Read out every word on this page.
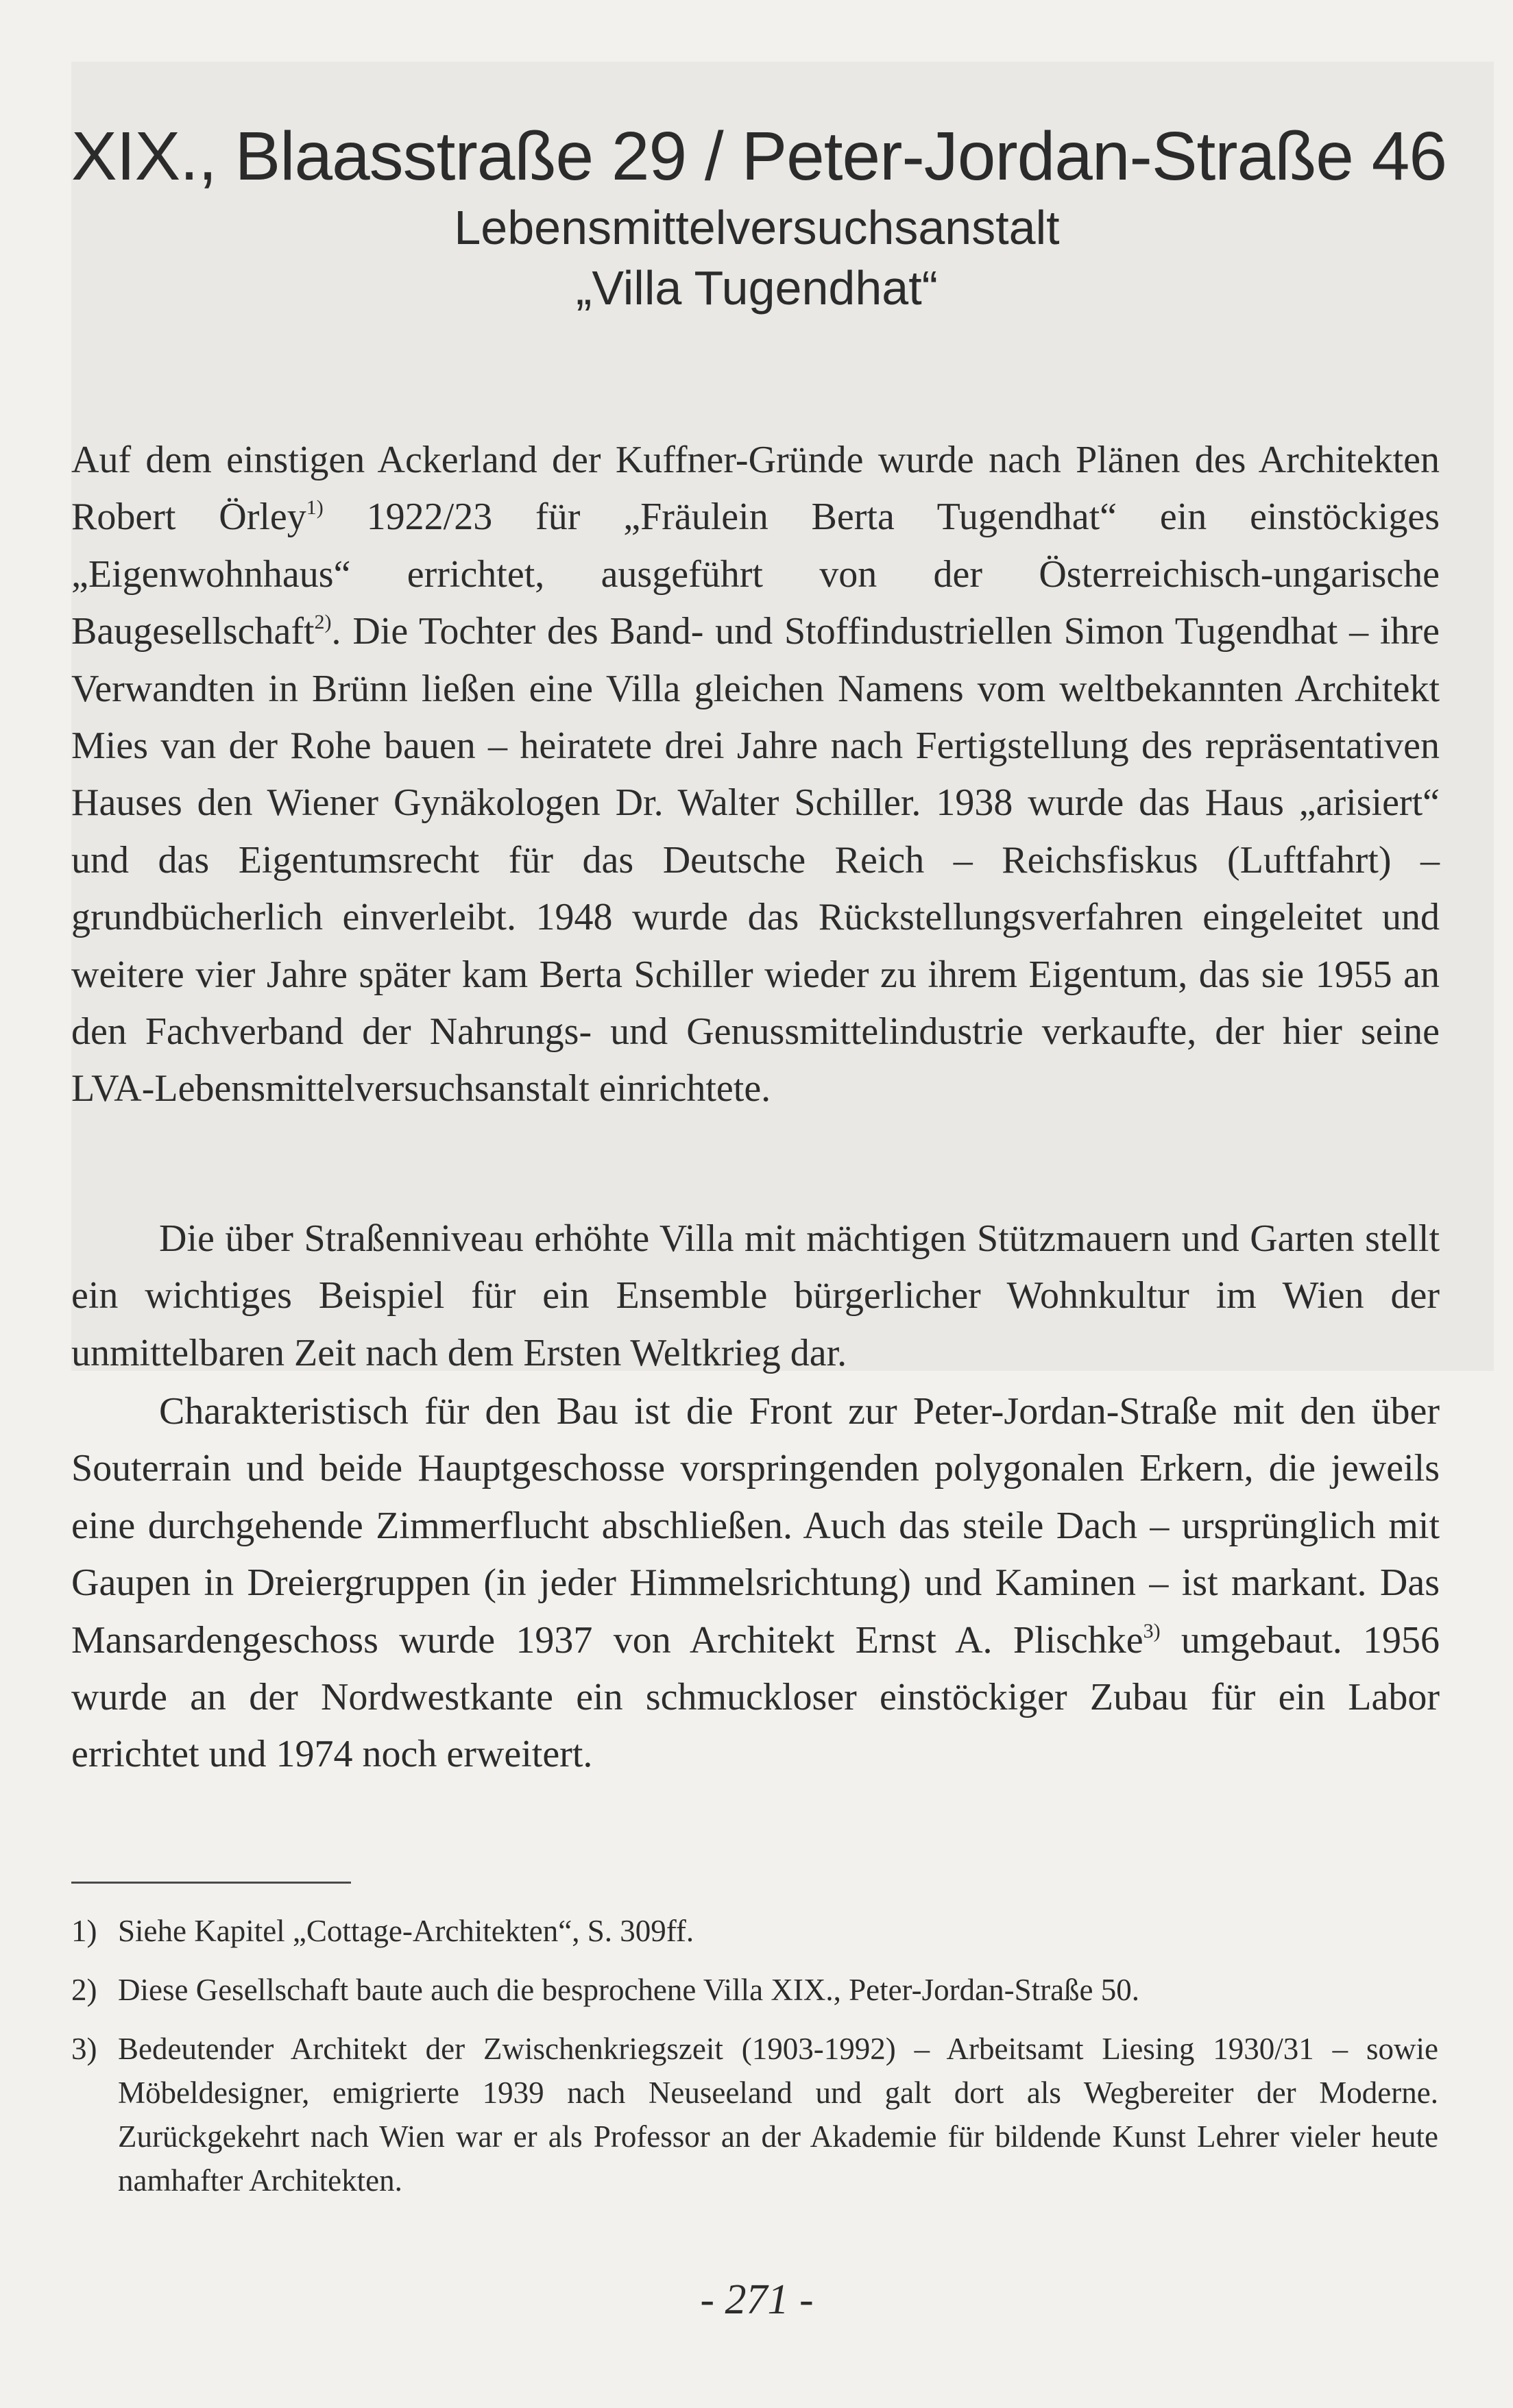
XIX., Blaasstraße 29 / Peter-Jordan-Straße 46
Lebensmittelversuchsanstalt
„Villa Tugendhat“

Auf dem einstigen Ackerland der Kuffner-Gründe wurde nach Plänen des Architekten Robert Örley$^{1)}$ 1922/23 für „Fräulein Berta Tugendhat“ ein einstöckiges „Eigenwohnhaus“ errichtet, ausgeführt von der Österreichisch-ungarische Baugesellschaft$^{2)}$. Die Tochter des Band- und Stoffindustriellen Simon Tugendhat – ihre Verwandten in Brünn ließen eine Villa gleichen Namens vom weltbekannten Architekt Mies van der Rohe bauen – heiratete drei Jahre nach Fertigstellung des repräsentativen Hauses den Wiener Gynäkologen Dr. Walter Schiller. 1938 wurde das Haus „arisiert“ und das Eigentumsrecht für das Deutsche Reich – Reichsfiskus (Luftfahrt) – grundbücherlich einverleibt. 1948 wurde das Rückstellungsverfahren eingeleitet und weitere vier Jahre später kam Berta Schiller wieder zu ihrem Eigentum, das sie 1955 an den Fachverband der Nahrungs- und Genussmittelindustrie verkaufte, der hier seine LVA-Lebensmittelversuchsanstalt einrichtete.

Die über Straßenniveau erhöhte Villa mit mächtigen Stützmauern und Garten stellt ein wichtiges Beispiel für ein Ensemble bürgerlicher Wohnkultur im Wien der unmittelbaren Zeit nach dem Ersten Weltkrieg dar.

Charakteristisch für den Bau ist die Front zur Peter-Jordan-Straße mit den über Souterrain und beide Hauptgeschosse vorspringenden polygonalen Erkern, die jeweils eine durchgehende Zimmerflucht abschließen. Auch das steile Dach – ursprünglich mit Gaupen in Dreiergruppen (in jeder Himmelsrichtung) und Kaminen – ist markant. Das Mansardengeschoss wurde 1937 von Architekt Ernst A. Plischke$^{3)}$ umgebaut. 1956 wurde an der Nordwestkante ein schmuckloser einstöckiger Zubau für ein Labor errichtet und 1974 noch erweitert.

1) Siehe Kapitel „Cottage-Architekten“, S. 309ff.
2) Diese Gesellschaft baute auch die besprochene Villa XIX., Peter-Jordan-Straße 50.
3) Bedeutender Architekt der Zwischenkriegszeit (1903-1992) – Arbeitsamt Liesing 1930/31 – sowie Möbeldesigner, emigrierte 1939 nach Neuseeland und galt dort als Wegbereiter der Moderne. Zurückgekehrt nach Wien war er als Professor an der Akademie für bildende Kunst Lehrer vieler heute namhafter Architekten.
- 271 -
